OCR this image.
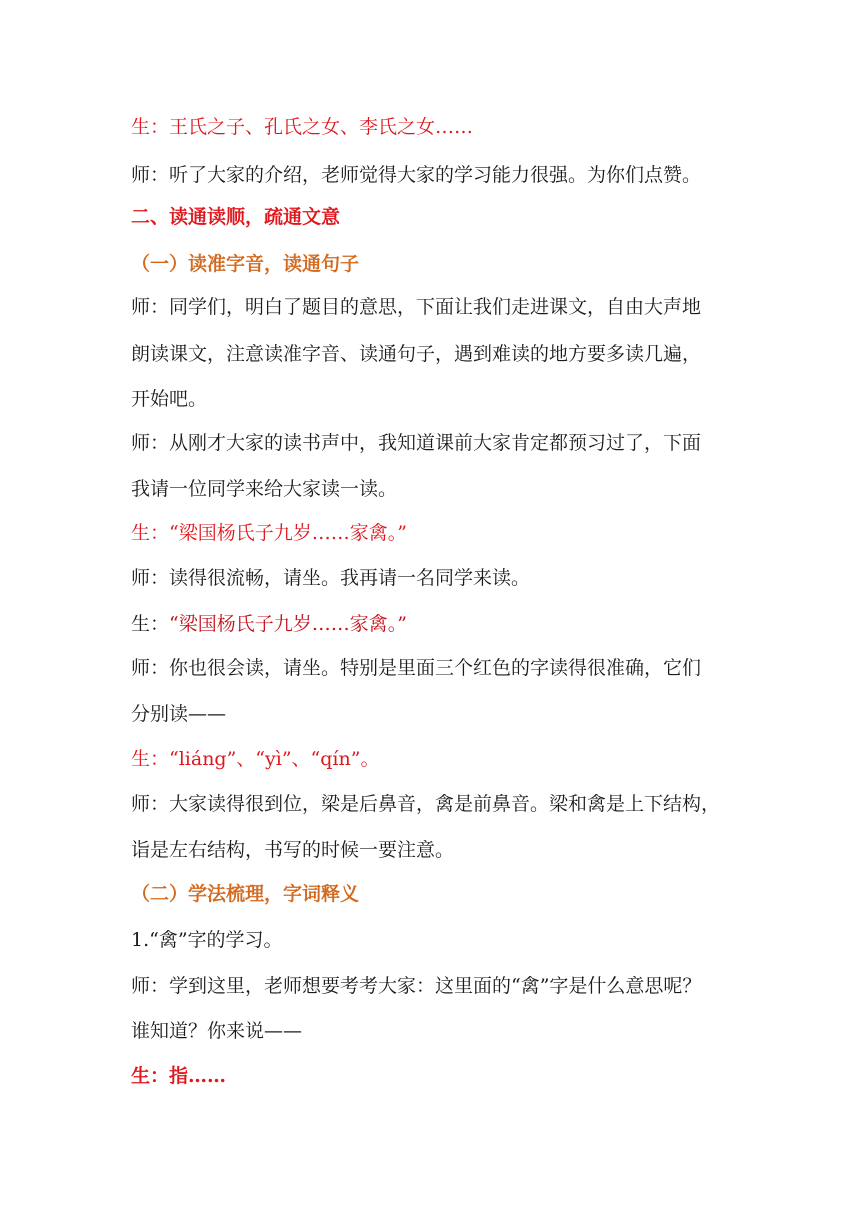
生：王氏之子、孔氏之女、李氏之女……
师：听了大家的介绍，老师觉得大家的学习能力很强。为你们点赞。
二、读通读顺，疏通文意
（一）读准字音，读通句子
师：同学们，明白了题目的意思，下面让我们走进课文，自由大声地
朗读课文，注意读准字音、读通句子，遇到难读的地方要多读几遍，
开始吧。
师：从刚才大家的读书声中，我知道课前大家肯定都预习过了，下面
我请一位同学来给大家读一读。
生：“梁国杨氏子九岁……家禽。”
师：读得很流畅，请坐。我再请一名同学来读。
生：“梁国杨氏子九岁……家禽。”
师：你也很会读，请坐。特别是里面三个红色的字读得很准确，它们
分别读——
生：“liáng”、“yì”、“qín”。
师：大家读得很到位，梁是后鼻音，禽是前鼻音。梁和禽是上下结构，
诣是左右结构，书写的时候一要注意。
（二）学法梳理，字词释义
1.“禽”字的学习。
师：学到这里，老师想要考考大家：这里面的“禽”字是什么意思呢？
谁知道？你来说——
生：指……
